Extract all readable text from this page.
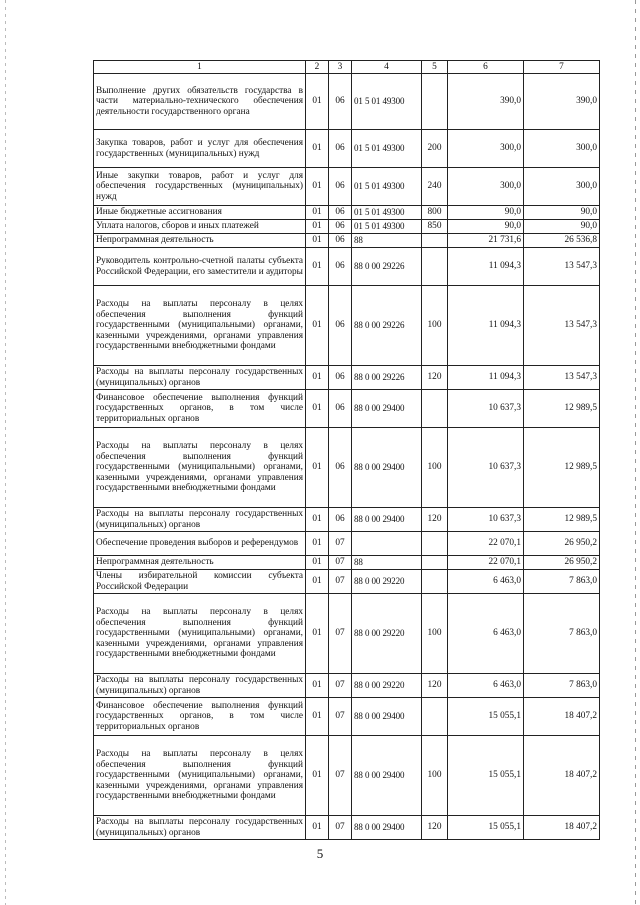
1	2	3	4	5	6	7
Выполнение других обязательств государства в части материально-технического обеспечения деятельности государственного органа	01	06	01 5 01 49300		390,0	390,0
Закупка товаров, работ и услуг для обеспечения государственных (муниципальных) нужд	01	06	01 5 01 49300	200	300,0	300,0
Иные закупки товаров, работ и услуг для обеспечения государственных (муниципальных) нужд	01	06	01 5 01 49300	240	300,0	300,0
Иные бюджетные ассигнования	01	06	01 5 01 49300	800	90,0	90,0
Уплата налогов, сборов и иных платежей	01	06	01 5 01 49300	850	90,0	90,0
Непрограммная деятельность	01	06	88		21 731,6	26 536,8
Руководитель контрольно-счетной палаты субъекта Российской Федерации, его заместители и аудиторы	01	06	88 0 00 29226		11 094,3	13 547,3
Расходы на выплаты персоналу в целях обеспечения выполнения функций государственными (муниципальными) органами, казенными учреждениями, органами управления государственными внебюджетными фондами	01	06	88 0 00 29226	100	11 094,3	13 547,3
Расходы на выплаты персоналу государственных (муниципальных) органов	01	06	88 0 00 29226	120	11 094,3	13 547,3
Финансовое обеспечение выполнения функций государственных органов, в том числе территориальных органов	01	06	88 0 00 29400		10 637,3	12 989,5
Расходы на выплаты персоналу в целях обеспечения выполнения функций государственными (муниципальными) органами, казенными учреждениями, органами управления государственными внебюджетными фондами	01	06	88 0 00 29400	100	10 637,3	12 989,5
Расходы на выплаты персоналу государственных (муниципальных) органов	01	06	88 0 00 29400	120	10 637,3	12 989,5
Обеспечение проведения выборов и референдумов	01	07			22 070,1	26 950,2
Непрограммная деятельность	01	07	88		22 070,1	26 950,2
Члены избирательной комиссии субъекта Российской Федерации	01	07	88 0 00 29220		6 463,0	7 863,0
Расходы на выплаты персоналу в целях обеспечения выполнения функций государственными (муниципальными) органами, казенными учреждениями, органами управления государственными внебюджетными фондами	01	07	88 0 00 29220	100	6 463,0	7 863,0
Расходы на выплаты персоналу государственных (муниципальных) органов	01	07	88 0 00 29220	120	6 463,0	7 863,0
Финансовое обеспечение выполнения функций государственных органов, в том числе территориальных органов	01	07	88 0 00 29400		15 055,1	18 407,2
Расходы на выплаты персоналу в целях обеспечения выполнения функций государственными (муниципальными) органами, казенными учреждениями, органами управления государственными внебюджетными фондами	01	07	88 0 00 29400	100	15 055,1	18 407,2
Расходы на выплаты персоналу государственных (муниципальных) органов	01	07	88 0 00 29400	120	15 055,1	18 407,2
5
